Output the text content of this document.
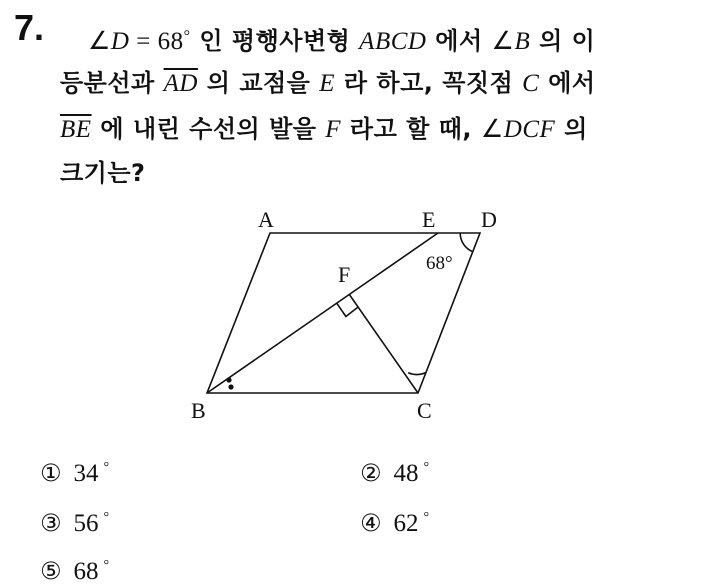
7. ∠D = 68° 인 평행사변형 ABCD 에서 ∠B 의 이
등분선과 $\overline{AD}$ 의 교점을 E 라 하고, 꼭짓점 C 에서
$\overline{BE}$ 에 내린 수선의 발을 F 라고 할 때, ∠DCF 의
크기는?
A	E D
F
B	C
68°
① 34 °	② 48 °
③ 56 °	④ 62 °
⑤ 68 °
